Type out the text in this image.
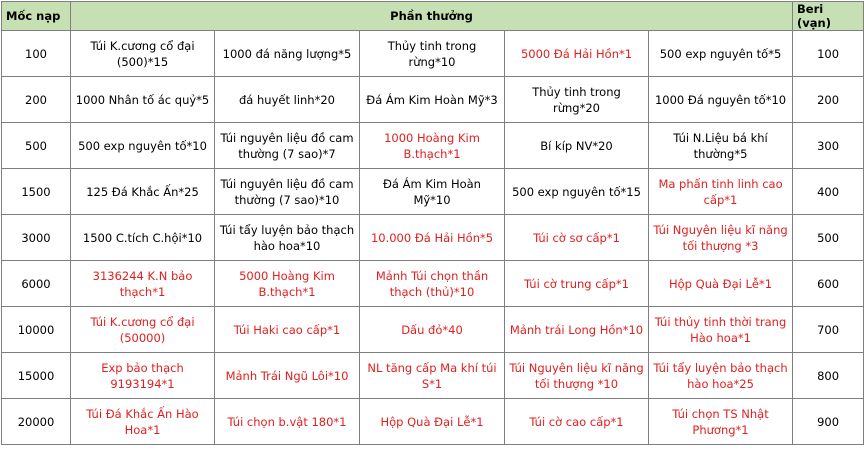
Mốc nạp	Phần thưởng					Beri (vạn)
100	Túi K.cương cổ đại (500)*15	1000 đá năng lượng*5	Thủy tinh trong rừng*10	5000 Đá Hải Hồn*1	500 exp nguyên tố*5	100
200	1000 Nhân tố ác quỷ*5	đá huyết linh*20	Đá Ám Kim Hoàn Mỹ*3	Thủy tinh trong rừng*20	1000 Đá nguyên tố*10	200
500	500 exp nguyên tố*10	Túi nguyên liệu đồ cam thường (7 sao)*7	1000 Hoàng Kim B.thạch*1	Bí kíp NV*20	Túi N.Liệu bá khí thường*5	300
1500	125 Đá Khắc Ấn*25	Túi nguyên liệu đồ cam thường (7 sao)*10	Đá Ám Kim Hoàn Mỹ*10	500 exp nguyên tố*15	Ma phấn tinh linh cao cấp*1	400
3000	1500 C.tích C.hội*10	Túi tẩy luyện bảo thạch hào hoa*10	10.000 Đá Hải Hồn*5	Túi cờ sơ cấp*1	Túi Nguyên liệu kĩ năng tối thượng *3	500
6000	3136244 K.N bảo thạch*1	5000 Hoàng Kim B.thạch*1	Mảnh Túi chọn thần thạch (thủ)*10	Túi cờ trung cấp*1	Hộp Quà Đại Lễ*1	600
10000	Túi K.cương cổ đại (50000)	Túi Haki cao cấp*1	Dấu đỏ*40	Mảnh trái Long Hồn*10	Túi thủy tinh thời trang Hào hoa*1	700
15000	Exp bảo thạch 9193194*1	Mảnh Trái Ngũ Lôi*10	NL tăng cấp Ma khí túi S*1	Túi Nguyên liệu kĩ năng tối thượng *10	Túi tẩy luyện bảo thạch hào hoa*25	800
20000	Túi Đá Khắc Ấn Hào Hoa*1	Túi chọn b.vật 180*1	Hộp Quà Đại Lễ*1	Túi cờ cao cấp*1	Túi chọn TS Nhật Phương*1	900
